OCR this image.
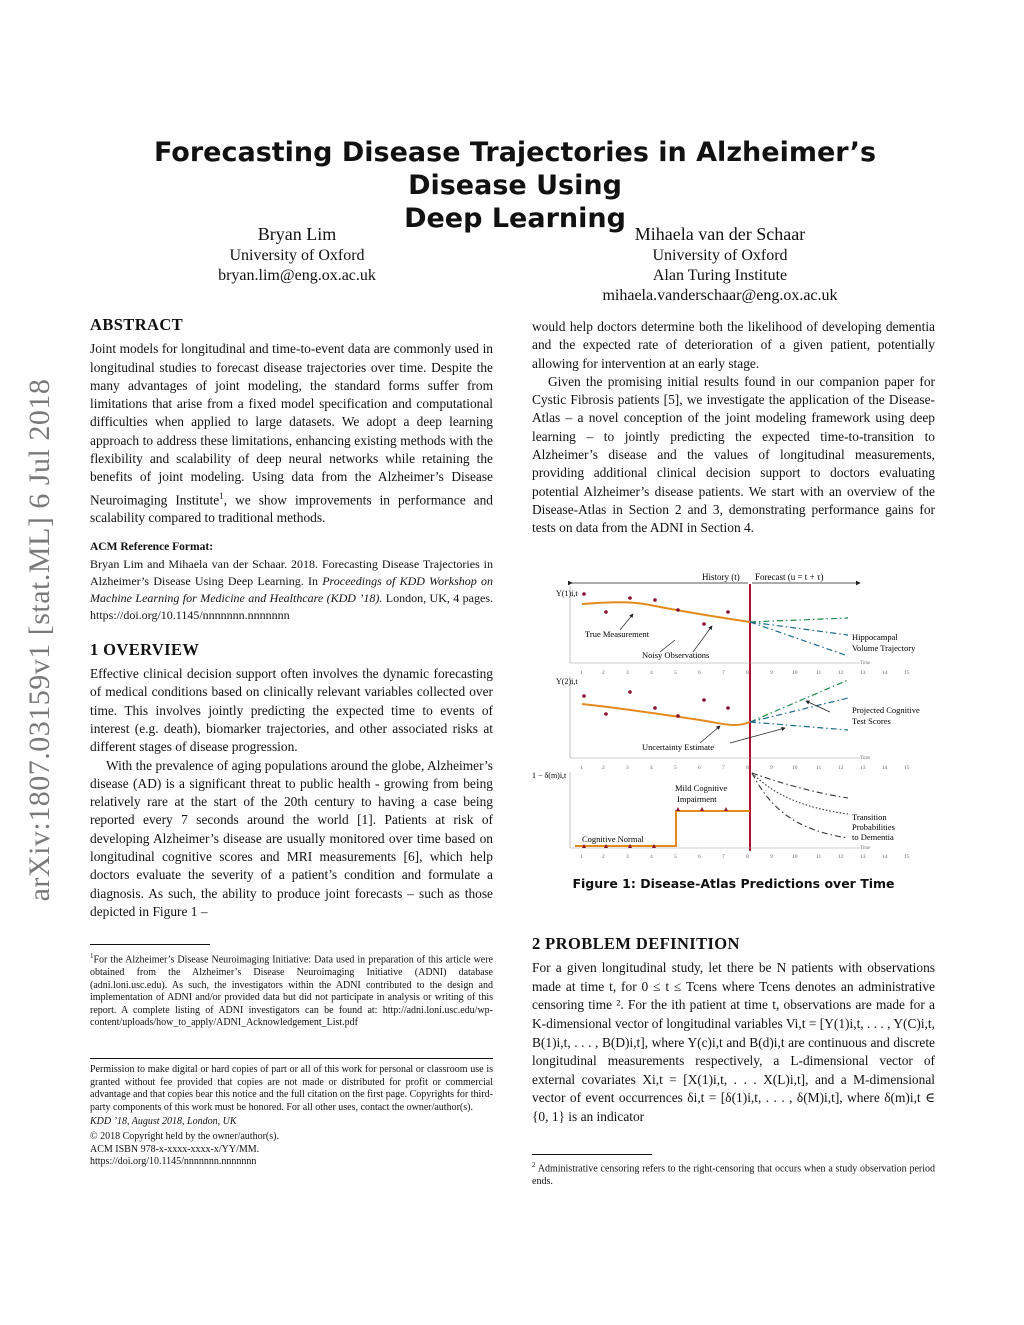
arXiv:1807.03159v1 [stat.ML] 6 Jul 2018
Forecasting Disease Trajectories in Alzheimer’s Disease Using
Deep Learning
Bryan Lim
University of Oxford
bryan.lim@eng.ox.ac.uk
Mihaela van der Schaar
University of Oxford
Alan Turing Institute
mihaela.vanderschaar@eng.ox.ac.uk
ABSTRACT

Joint models for longitudinal and time-to-event data are commonly used in longitudinal studies to forecast disease trajectories over time. Despite the many advantages of joint modeling, the standard forms suffer from limitations that arise from a fixed model specification and computational difficulties when applied to large datasets. We adopt a deep learning approach to address these limitations, enhancing existing methods with the flexibility and scalability of deep neural networks while retaining the benefits of joint modeling. Using data from the Alzheimer’s Disease Neuroimaging Institute$^1$, we show improvements in performance and scalability compared to traditional methods.

ACM Reference Format:
Bryan Lim and Mihaela van der Schaar. 2018. Forecasting Disease Trajectories in Alzheimer’s Disease Using Deep Learning. In Proceedings of KDD Workshop on Machine Learning for Medicine and Healthcare (KDD ’18). London, UK, 4 pages. https://doi.org/10.1145/nnnnnnn.nnnnnnn
1 OVERVIEW

Effective clinical decision support often involves the dynamic forecasting of medical conditions based on clinically relevant variables collected over time. This involves jointly predicting the expected time to events of interest (e.g. death), biomarker trajectories, and other associated risks at different stages of disease progression.

With the prevalence of aging populations around the globe, Alzheimer’s disease (AD) is a significant threat to public health - growing from being relatively rare at the start of the 20th century to having a case being reported every 7 seconds around the world [1]. Patients at risk of developing Alzheimer’s disease are usually monitored over time based on longitudinal cognitive scores and MRI measurements [6], which help doctors evaluate the severity of a patient’s condition and formulate a diagnosis. As such, the ability to produce joint forecasts – such as those depicted in Figure 1 –

$^1$For the Alzheimer’s Disease Neuroimaging Initiative: Data used in preparation of this article were obtained from the Alzheimer’s Disease Neuroimaging Initiative (ADNI) database (adni.loni.usc.edu). As such, the investigators within the ADNI contributed to the design and implementation of ADNI and/or provided data but did not participate in analysis or writing of this report. A complete listing of ADNI investigators can be found at: http://adni.loni.usc.edu/wp-content/uploads/how_to_apply/ADNI_Acknowledgement_List.pdf
Permission to make digital or hard copies of part or all of this work for personal or classroom use is granted without fee provided that copies are not made or distributed for profit or commercial advantage and that copies bear this notice and the full citation on the first page. Copyrights for third-party components of this work must be honored. For all other uses, contact the owner/author(s).
KDD ’18, August 2018, London, UK
© 2018 Copyright held by the owner/author(s).
ACM ISBN 978-x-xxxx-xxxx-x/YY/MM.
https://doi.org/10.1145/nnnnnnn.nnnnnnn

would help doctors determine both the likelihood of developing dementia and the expected rate of deterioration of a given patient, potentially allowing for intervention at an early stage.

Given the promising initial results found in our companion paper for Cystic Fibrosis patients [5], we investigate the application of the Disease-Atlas – a novel conception of the joint modeling framework using deep learning – to jointly predicting the expected time-to-transition to Alzheimer’s disease and the values of longitudinal measurements, providing additional clinical decision support to doctors evaluating potential Alzheimer’s disease patients. We start with an overview of the Disease-Atlas in Section 2 and 3, demonstrating performance gains for tests on data from the ADNI in Section 4.

History (t) Forecast (u = t + τ)
Y(1)i,t
True Measurement
Noisy Observations
Hippocampal
Volume Trajectory
Time
1	2	3	4	5	6	7	8	9	10	11	12	13	14	15
Y(2)i,t
Projected Cognitive
Test Scores
Uncertainty Estimate
Time
1	2	3	4	5	6	7	8	9	10	11	12	13	14	15
1 − δ(m)i,t
Mild Cognitive
Impairment
Cognitive Normal
Transition
Probabilities
to Dementia
Time
1	2	3	4	5	6	7	8	9	10	11	12	13	14	15
Figure 1: Disease-Atlas Predictions over Time
2 PROBLEM DEFINITION

For a given longitudinal study, let there be N patients with observations made at time t, for 0 ≤ t ≤ Tcens where Tcens denotes an administrative censoring time ². For the ith patient at time t, observations are made for a K-dimensional vector of longitudinal variables Vi,t = [Y(1)i,t, . . . , Y(C)i,t, B(1)i,t, . . . , B(D)i,t], where Y(c)i,t and B(d)i,t are continuous and discrete longitudinal measurements respectively, a L-dimensional vector of external covariates Xi,t = [X(1)i,t, . . . X(L)i,t], and a M-dimensional vector of event occurrences δi,t = [δ(1)i,t, . . . , δ(M)i,t], where δ(m)i,t ∈ {0, 1} is an indicator

$^2$ Administrative censoring refers to the right-censoring that occurs when a study observation period ends.
